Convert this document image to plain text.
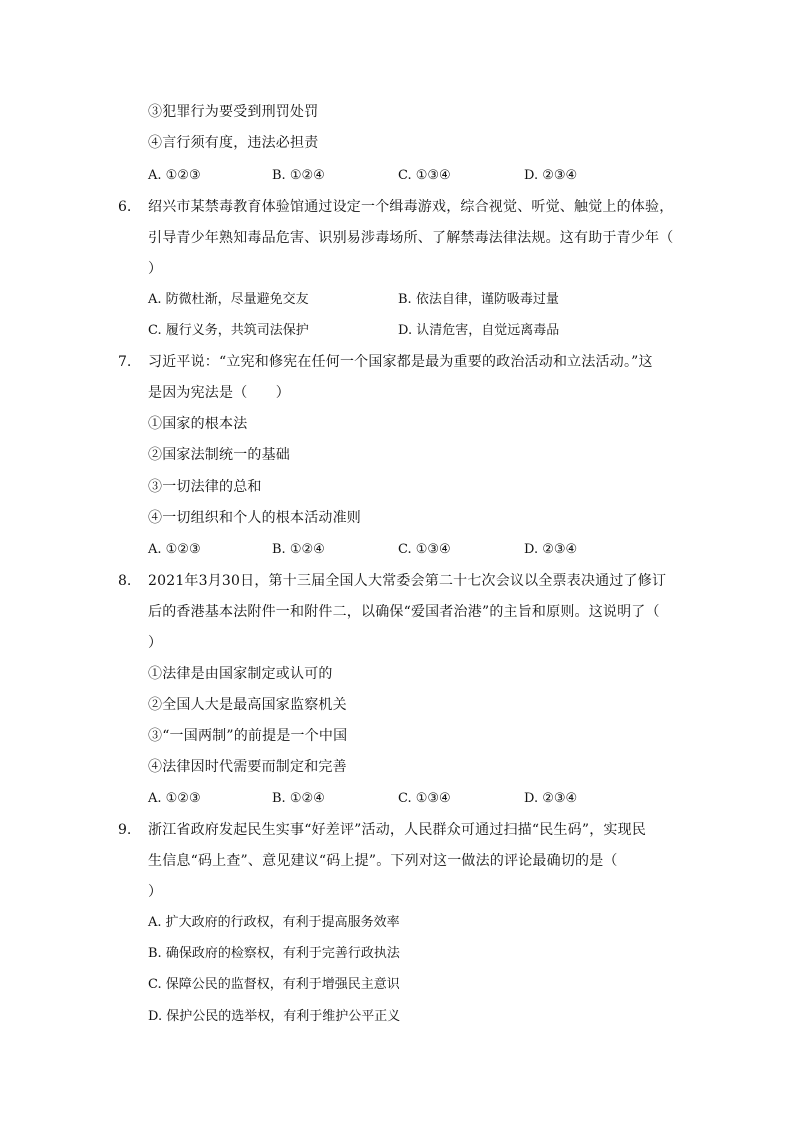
③犯罪行为要受到刑罚处罚
④言行须有度，违法必担责
A. ①②③	B. ①②④	C. ①③④	D. ②③④
6. 绍兴市某禁毒教育体验馆通过设定一个缉毒游戏，综合视觉、听觉、触觉上的体验，
引导青少年熟知毒品危害、识别易涉毒场所、了解禁毒法律法规。这有助于青少年（
）
A. 防微杜渐，尽量避免交友	B. 依法自律，谨防吸毒过量
C. 履行义务，共筑司法保护	D. 认清危害，自觉远离毒品
7. 习近平说：“立宪和修宪在任何一个国家都是最为重要的政治活动和立法活动。”这
是因为宪法是（　　）
①国家的根本法
②国家法制统一的基础
③一切法律的总和
④一切组织和个人的根本活动准则
A. ①②③	B. ①②④	C. ①③④	D. ②③④
8. 2021年3月30日，第十三届全国人大常委会第二十七次会议以全票表决通过了修订
后的香港基本法附件一和附件二，以确保“爱国者治港”的主旨和原则。这说明了（
）
①法律是由国家制定或认可的
②全国人大是最高国家监察机关
③“一国两制”的前提是一个中国
④法律因时代需要而制定和完善
A. ①②③	B. ①②④	C. ①③④	D. ②③④
9. 浙江省政府发起民生实事“好差评”活动，人民群众可通过扫描“民生码”，实现民
生信息“码上查”、意见建议“码上提”。下列对这一做法的评论最确切的是（
）
A. 扩大政府的行政权，有利于提高服务效率
B. 确保政府的检察权，有利于完善行政执法
C. 保障公民的监督权，有利于增强民主意识
D. 保护公民的选举权，有利于维护公平正义
